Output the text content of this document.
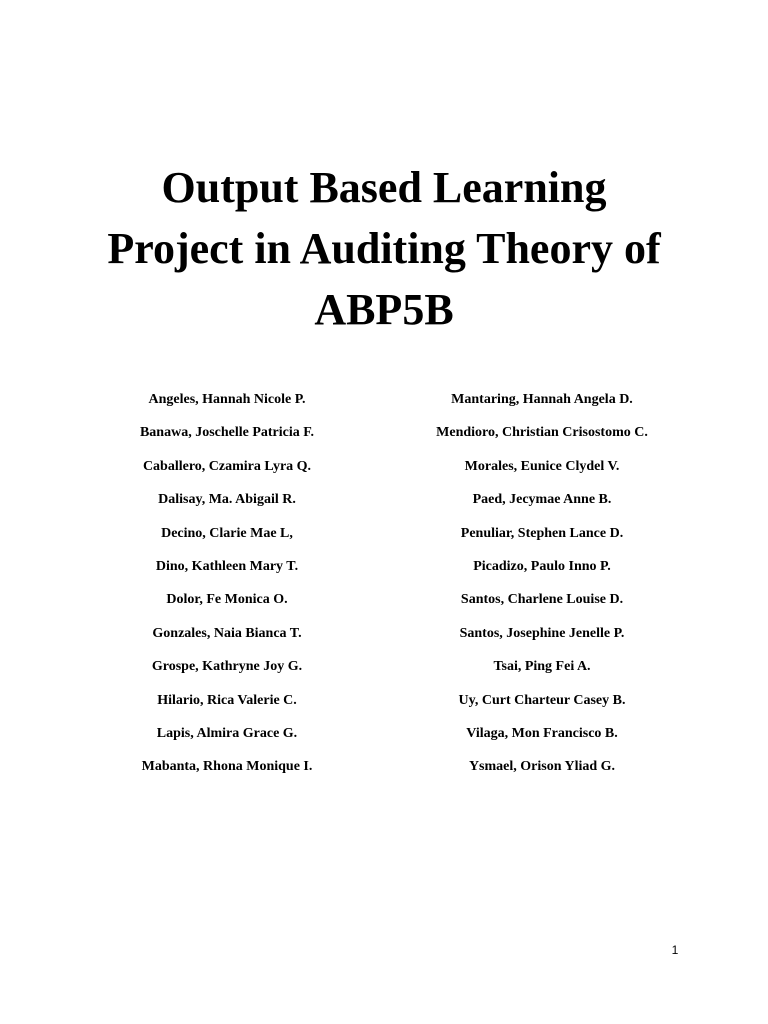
Output Based Learning
Project in Auditing Theory of
ABP5B
Angeles, Hannah Nicole P.
Banawa, Joschelle Patricia F.
Caballero, Czamira Lyra Q.
Dalisay, Ma. Abigail R.
Decino, Clarie Mae L,
Dino, Kathleen Mary T.
Dolor, Fe Monica O.
Gonzales, Naia Bianca T.
Grospe, Kathryne Joy G.
Hilario, Rica Valerie C.
Lapis, Almira Grace G.
Mabanta, Rhona Monique I.
Mantaring, Hannah Angela D.
Mendioro, Christian Crisostomo C.
Morales, Eunice Clydel V.
Paed, Jecymae Anne B.
Penuliar, Stephen Lance D.
Picadizo, Paulo Inno P.
Santos, Charlene Louise D.
Santos, Josephine Jenelle P.
Tsai, Ping Fei A.
Uy, Curt Charteur Casey B.
Vilaga, Mon Francisco B.
Ysmael, Orison Yliad G.
1
